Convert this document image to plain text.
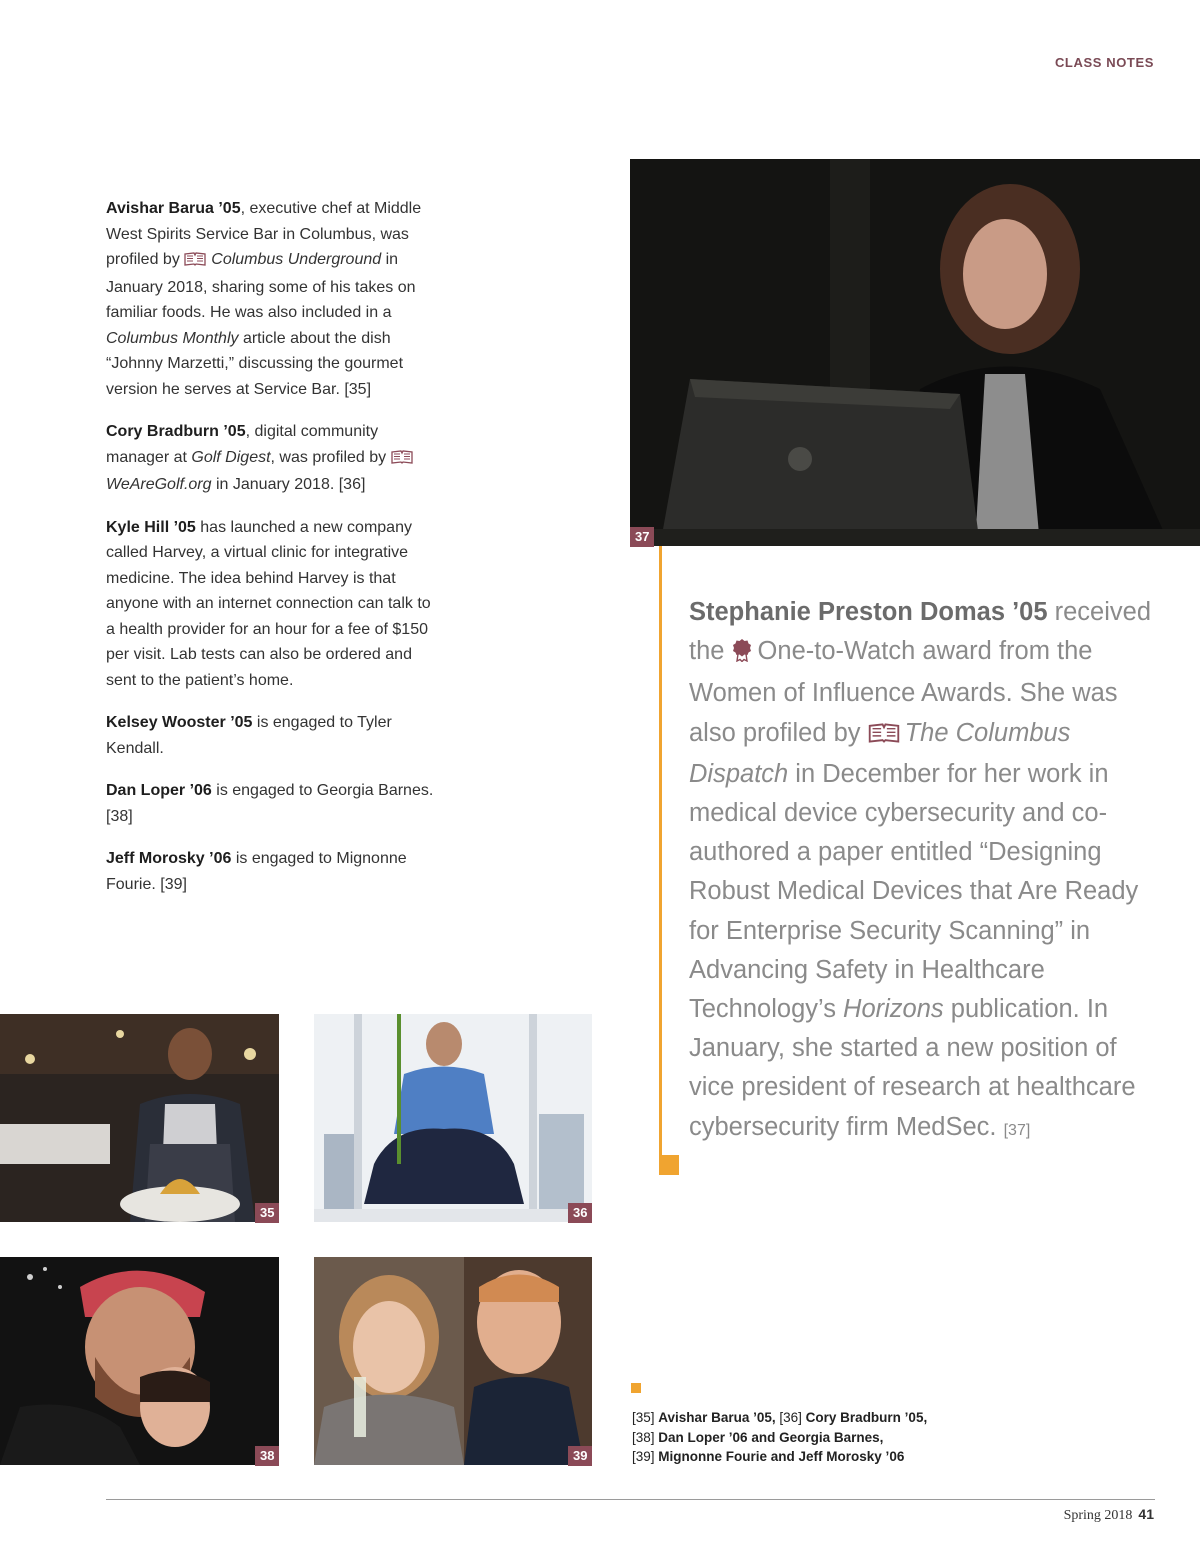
CLASS NOTES

Avishar Barua ’05, executive chef at Middle West Spirits Service Bar in Columbus, was profiled by Columbus Underground in January 2018, sharing some of his takes on familiar foods. He was also included in a Columbus Monthly article about the dish “Johnny Marzetti,” discussing the gourmet version he serves at Service Bar. [35]

Cory Bradburn ’05, digital community manager at Golf Digest, was profiled by WeAreGolf.org in January 2018. [36]

Kyle Hill ’05 has launched a new company called Harvey, a virtual clinic for integrative medicine. The idea behind Harvey is that anyone with an internet connection can talk to a health provider for an hour for a fee of $150 per visit. Lab tests can also be ordered and sent to the patient’s home.

Kelsey Wooster ’05 is engaged to Tyler Kendall.

Dan Loper ’06 is engaged to Georgia Barnes. [38]

Jeff Morosky ’06 is engaged to Mignonne Fourie. [39]

37
Stephanie Preston Domas ’05 received the One-to-Watch award from the Women of Influence Awards. She was also profiled by The Columbus Dispatch in December for her work in medical device cybersecurity and co-authored a paper entitled “Designing Robust Medical Devices that Are Ready for Enterprise Security Scanning” in Advancing Safety in Healthcare Technology’s Horizons publication. In January, she started a new position of vice president of research at healthcare cybersecurity firm MedSec. [37]
35	36
38	39
[35] Avishar Barua ’05, [36] Cory Bradburn ’05,
[38] Dan Loper ’06 and Georgia Barnes,
[39] Mignonne Fourie and Jeff Morosky ’06
Spring 2018 41
